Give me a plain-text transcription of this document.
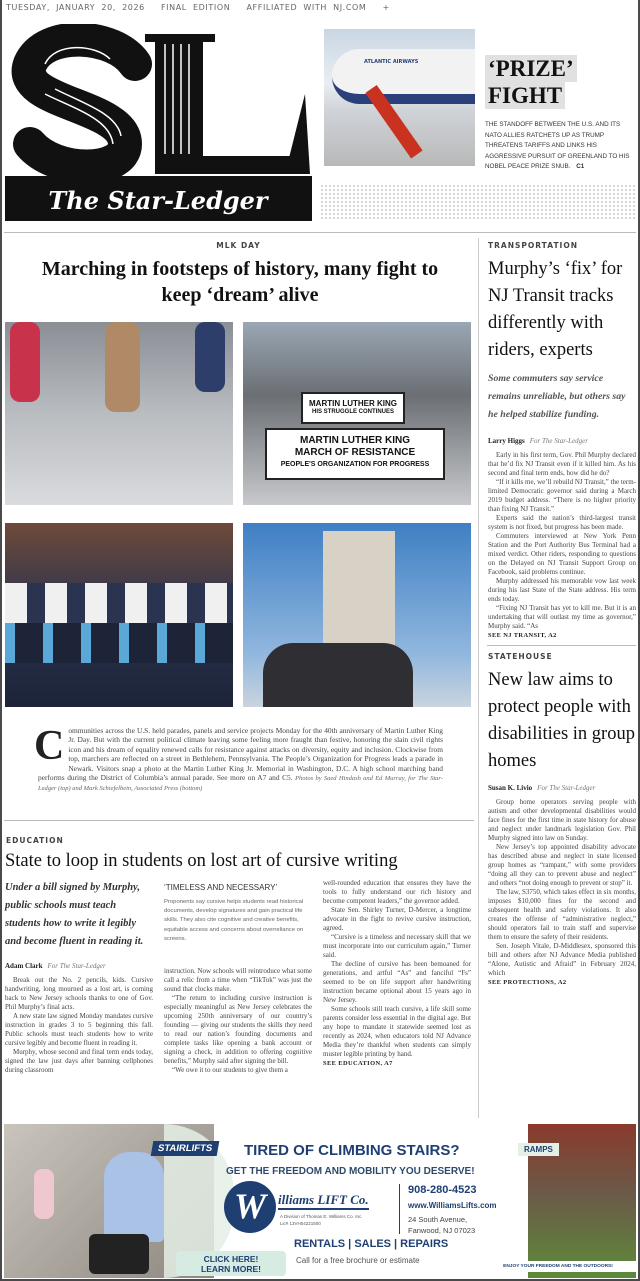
TUESDAY, JANUARY 20, 2026 FINAL EDITION AFFILIATED WITH NJ.COM +
The Star-Ledger
ATLANTIC AIRWAYS	‘PRIZE’
FIGHT
THE STANDOFF BETWEEN THE U.S. AND ITS NATO ALLIES RATCHETS UP AS TRUMP THREATENS TARIFFS AND LINKS HIS AGGRESSIVE PURSUIT OF GREENLAND TO HIS NOBEL PEACE PRIZE SNUB. C1
MLK DAY
Marching in footsteps of history, many fight to keep ‘dream’ alive
MARTIN LUTHER KING
HIS STRUGGLE CONTINUES
MARTIN LUTHER KING
MARCH OF RESISTANCE
PEOPLE'S ORGANIZATION FOR PROGRESS
Communities across the U.S. held parades, panels and service projects Monday for the 40th anniversary of Martin Luther King Jr. Day. But with the current political climate leaving some feeling more fraught than festive, honoring the slain civil rights icon and his dream of equality renewed calls for resistance against attacks on diversity, equity and inclusion. Clockwise from top, marchers are reflected on a street in Bethlehem, Pennsylvania. The People’s Organization for Progress leads a parade in Newark. Visitors snap a photo at the Martin Luther King Jr. Memorial in Washington, D.C. A high school marching band performs during the District of Columbia’s annual parade. See more on A7 and C5. Photos by Saed Hindash and Ed Murray, for The Star-Ledger (top) and Mark Schiefelbein, Associated Press (bottom)
EDUCATION
State to loop in students on lost art of cursive writing
Under a bill signed by Murphy, public schools must teach students how to write it legibly and become fluent in reading it.
Adam Clark For The Star-Ledger

Break out the No. 2 pencils, kids. Cursive handwriting, long mourned as a lost art, is coming back to New Jersey schools thanks to one of Gov. Phil Murphy’s final acts.

A new state law signed Monday mandates cursive instruction in grades 3 to 5 beginning this fall. Public schools must teach students how to write cursive legibly and become fluent in reading it.

Murphy, whose second and final term ends today, signed the law just days after banning cellphones during classroom

‘TIMELESS AND NECESSARY’
Proponents say cursive helps students read historical documents, develop signatures and gain practical life skills. They also cite cognitive and creative benefits, equitable access and concerns about overreliance on screens.

instruction. Now schools will reintroduce what some call a relic from a time when “TikTok” was just the sound that clocks make.

“The return to including cursive instruction is especially meaningful as New Jersey celebrates the upcoming 250th anniversary of our country’s founding — giving our students the skills they need to read our nation’s founding documents and complete tasks like opening a bank account or signing a check, in addition to offering cognitive benefits,” Murphy said after signing the bill.

“We owe it to our students to give them a

well-rounded education that ensures they have the tools to fully understand our rich history and become competent leaders,” the governor added.

State Sen. Shirley Turner, D-Mercer, a longtime advocate in the fight to revive cursive instruction, agreed.

“Cursive is a timeless and necessary skill that we must incorporate into our curriculum again,” Turner said.

The decline of cursive has been bemoaned for generations, and artful “As” and fanciful “Fs” seemed to be on life support after handwriting instruction became optional about 15 years ago in New Jersey.

Some schools still teach cursive, a life skill some parents consider less essential in the digital age. But any hope to mandate it statewide seemed lost as recently as 2024, when educators told NJ Advance Media they’re thankful when students can simply muster legible printing by hand.

SEE EDUCATION, A7

TRANSPORTATION
Murphy’s ‘fix’ for NJ Transit tracks differently with riders, experts
Some commuters say service remains unreliable, but others say he helped stabilize funding.
Larry Higgs For The Star-Ledger

Early in his first term, Gov. Phil Murphy declared that he’d fix NJ Transit even if it killed him. As his second and final term ends, how did he do?

“If it kills me, we’ll rebuild NJ Transit,” the term-limited Democratic governor said during a March 2019 budget address. “There is no higher priority than fixing NJ Transit.”

Experts said the nation’s third-largest transit system is not fixed, but progress has been made.

Commuters interviewed at New York Penn Station and the Port Authority Bus Terminal had a mixed verdict. Other riders, responding to questions on the Delayed on NJ Transit Support Group on Facebook, said problems continue.

Murphy addressed his memorable vow last week during his last State of the State address. His term ends today.

“Fixing NJ Transit has yet to kill me. But it is an undertaking that will outlast my time as governor,” Murphy said. “As

SEE NJ TRANSIT, A2

STATEHOUSE
New law aims to protect people with disabilities in group homes
Susan K. Livio For The Star-Ledger

Group home operators serving people with autism and other developmental disabilities would face fines for the first time in state history for abuse and neglect under landmark legislation Gov. Phil Murphy signed into law on Sunday.

New Jersey’s top appointed disability advocate has described abuse and neglect in state licensed group homes as “rampant,” with some providers “doing all they can to prevent abuse and neglect” and others “not doing enough to prevent or stop” it.

The law, S3750, which takes effect in six months, imposes $10,000 fines for the second and subsequent health and safety violations. It also creates the offense of “administrative neglect,” should operators fail to train staff and supervise them to ensure the safety of their residents.

Sen. Joseph Vitale, D-Middlesex, sponsored this bill and others after NJ Advance Media published “Alone, Autistic and Afraid” in February 2024, which

SEE PROTECTIONS, A2

STAIRLIFTS	TIRED OF CLIMBING STAIRS?
GET THE FREEDOM AND MOBILITY YOU DESERVE!
W illiams LIFT Co.
A Division of Thomas E. Williams Co. Inc.
Lic# 13VH04221500
908-280-4523
www.WilliamsLifts.com
24 South Avenue,
Fanwood, NJ 07023
RENTALS | SALES | REPAIRS
Call for a free brochure or estimate
CLICK HERE!
LEARN MORE!
RAMPS
ENJOY YOUR FREEDOM AND THE OUTDOORS!
